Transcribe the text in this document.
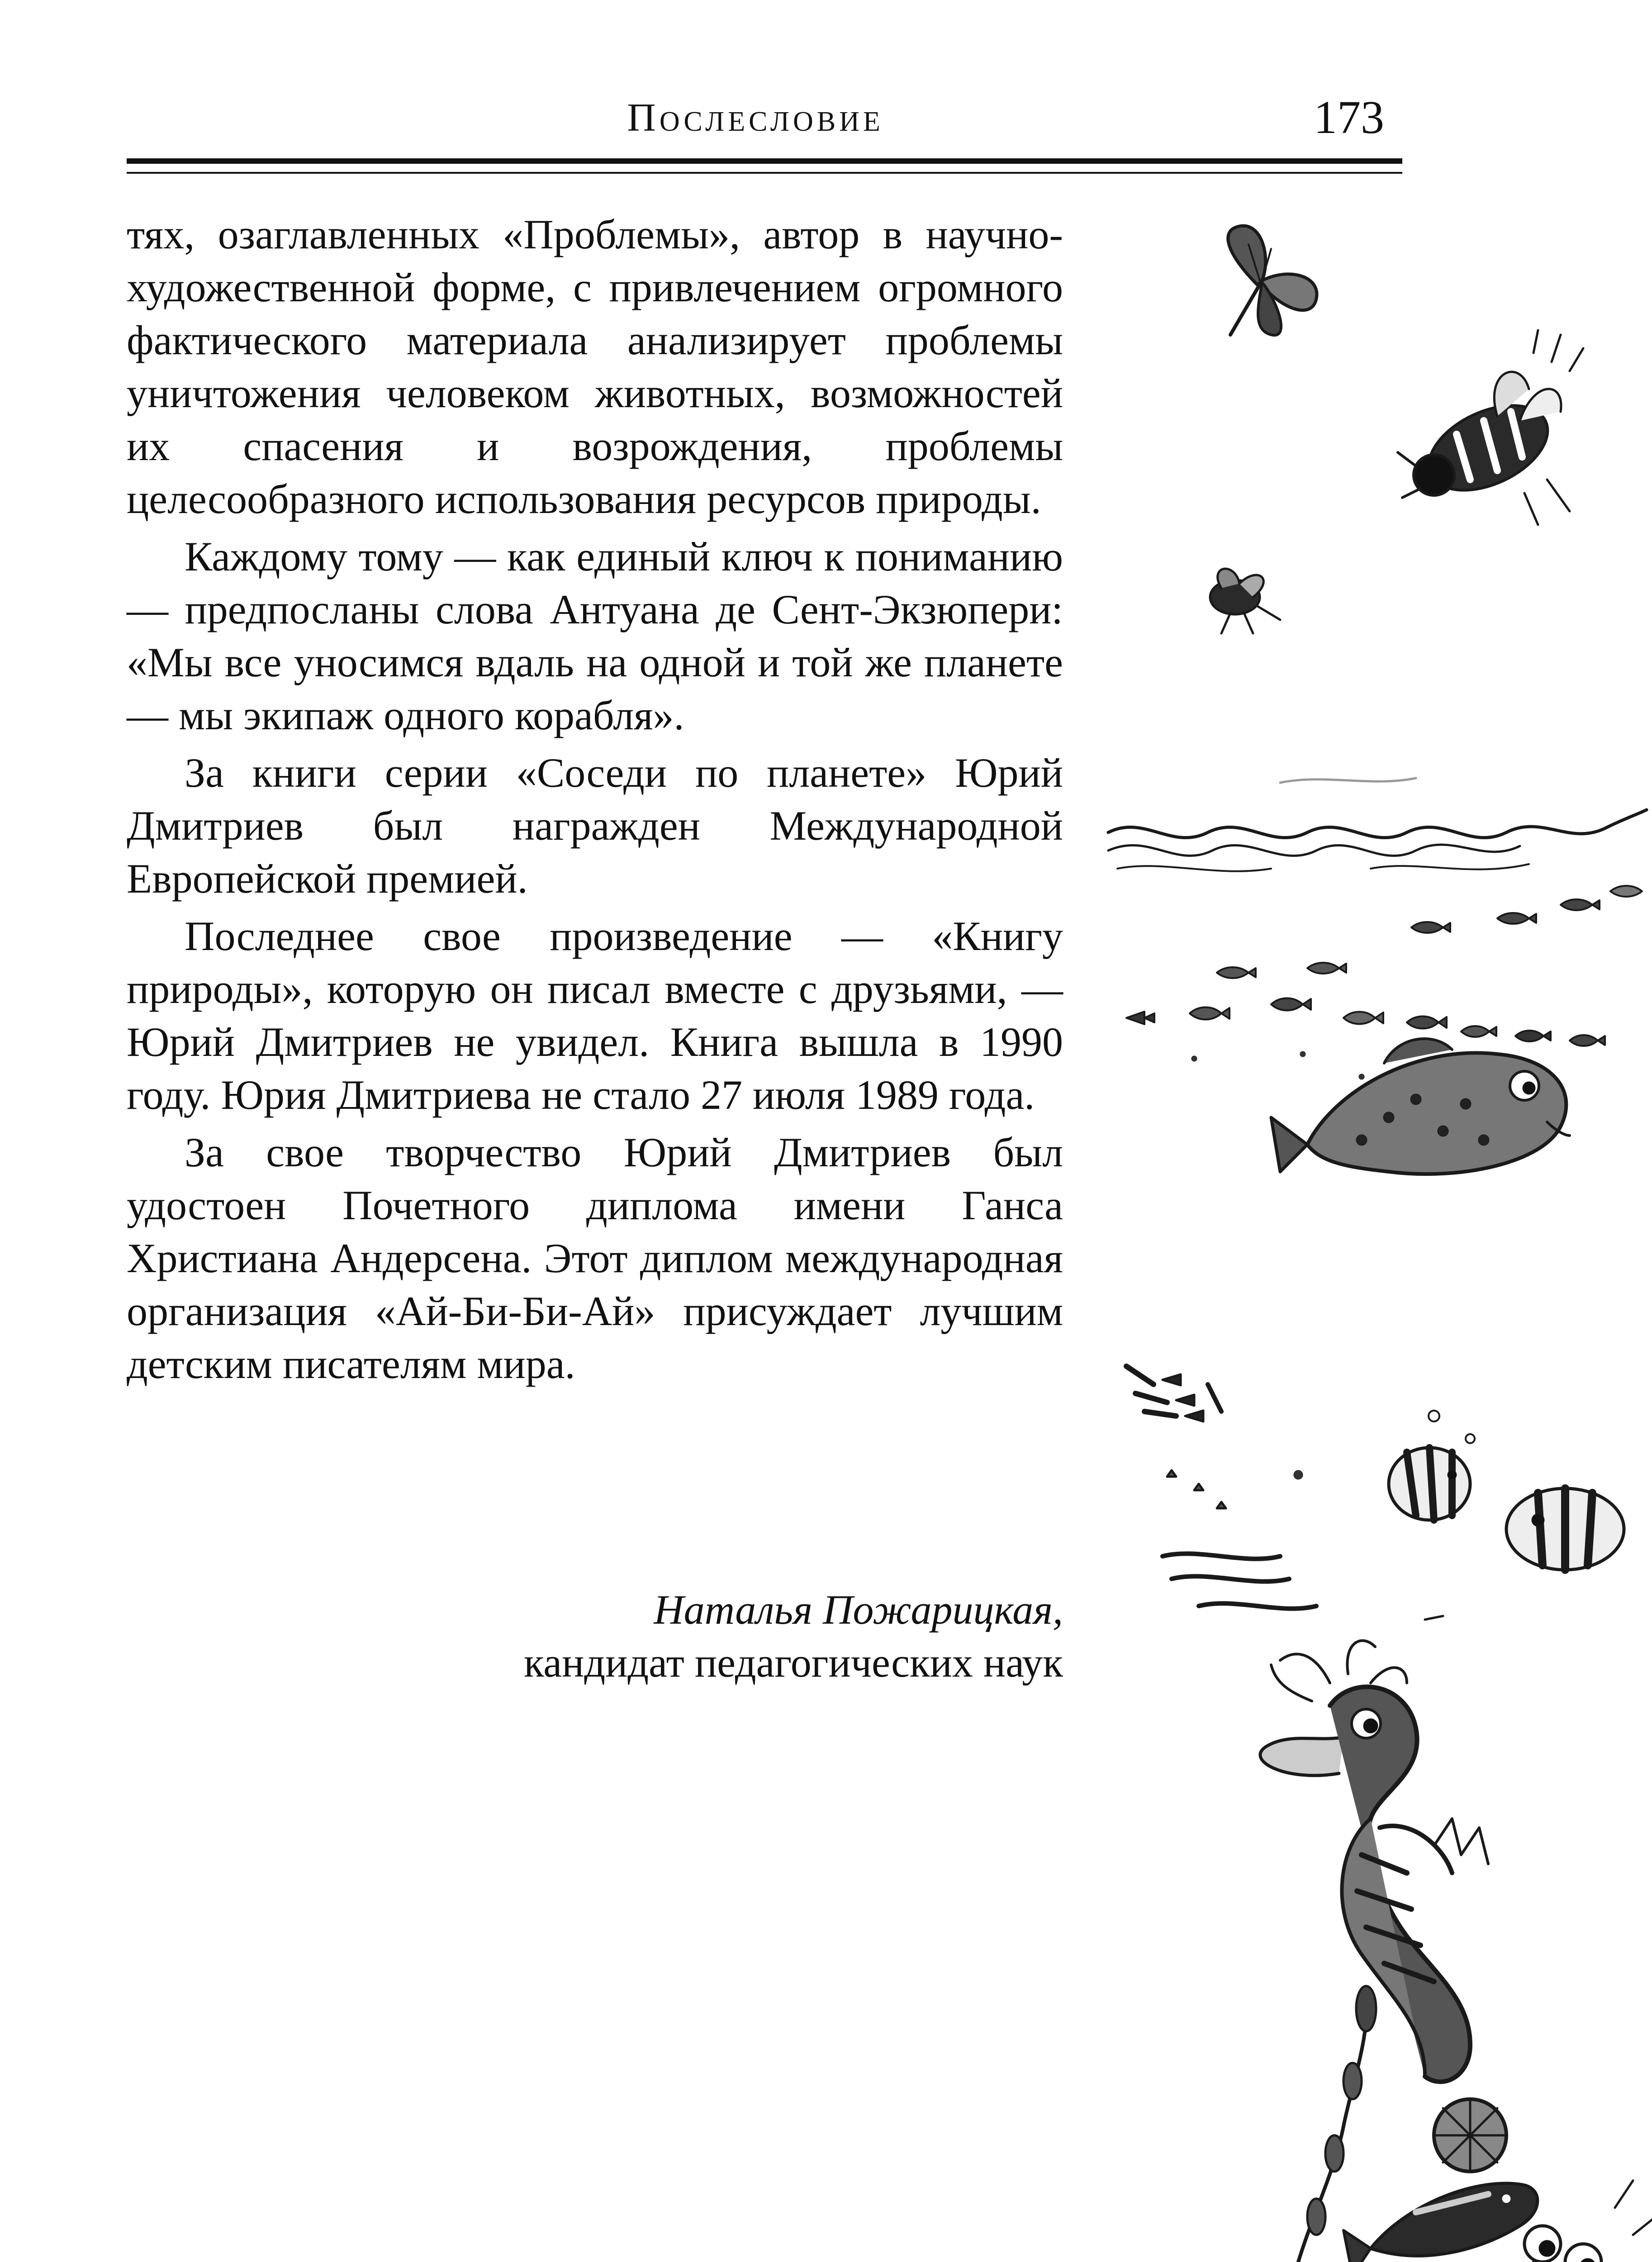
Послесловие	173

тях, озаглавленных «Проблемы», автор в научно-художественной форме, с привлечением огромного фактического материала анализирует проблемы уничтожения человеком животных, возможностей их спасения и возрождения, проблемы целесообразного использования ресурсов природы.

Каждому тому — как единый ключ к пониманию — предпосланы слова Антуана де Сент-Экзюпери: «Мы все уносимся вдаль на одной и той же планете — мы экипаж одного корабля».

За книги серии «Соседи по планете» Юрий Дмитриев был награжден Международной Европейской премией.

Последнее свое произведение — «Книгу природы», которую он писал вместе с друзьями, — Юрий Дмитриев не увидел. Книга вышла в 1990 году. Юрия Дмитриева не стало 27 июля 1989 года.

За свое творчество Юрий Дмитриев был удостоен Почетного диплома имени Ганса Христиана Андерсена. Этот диплом международная организация «Ай-Би-Би-Ай» присуждает лучшим детским писателям мира.

Наталья Пожарицкая,
кандидат педагогических наук
